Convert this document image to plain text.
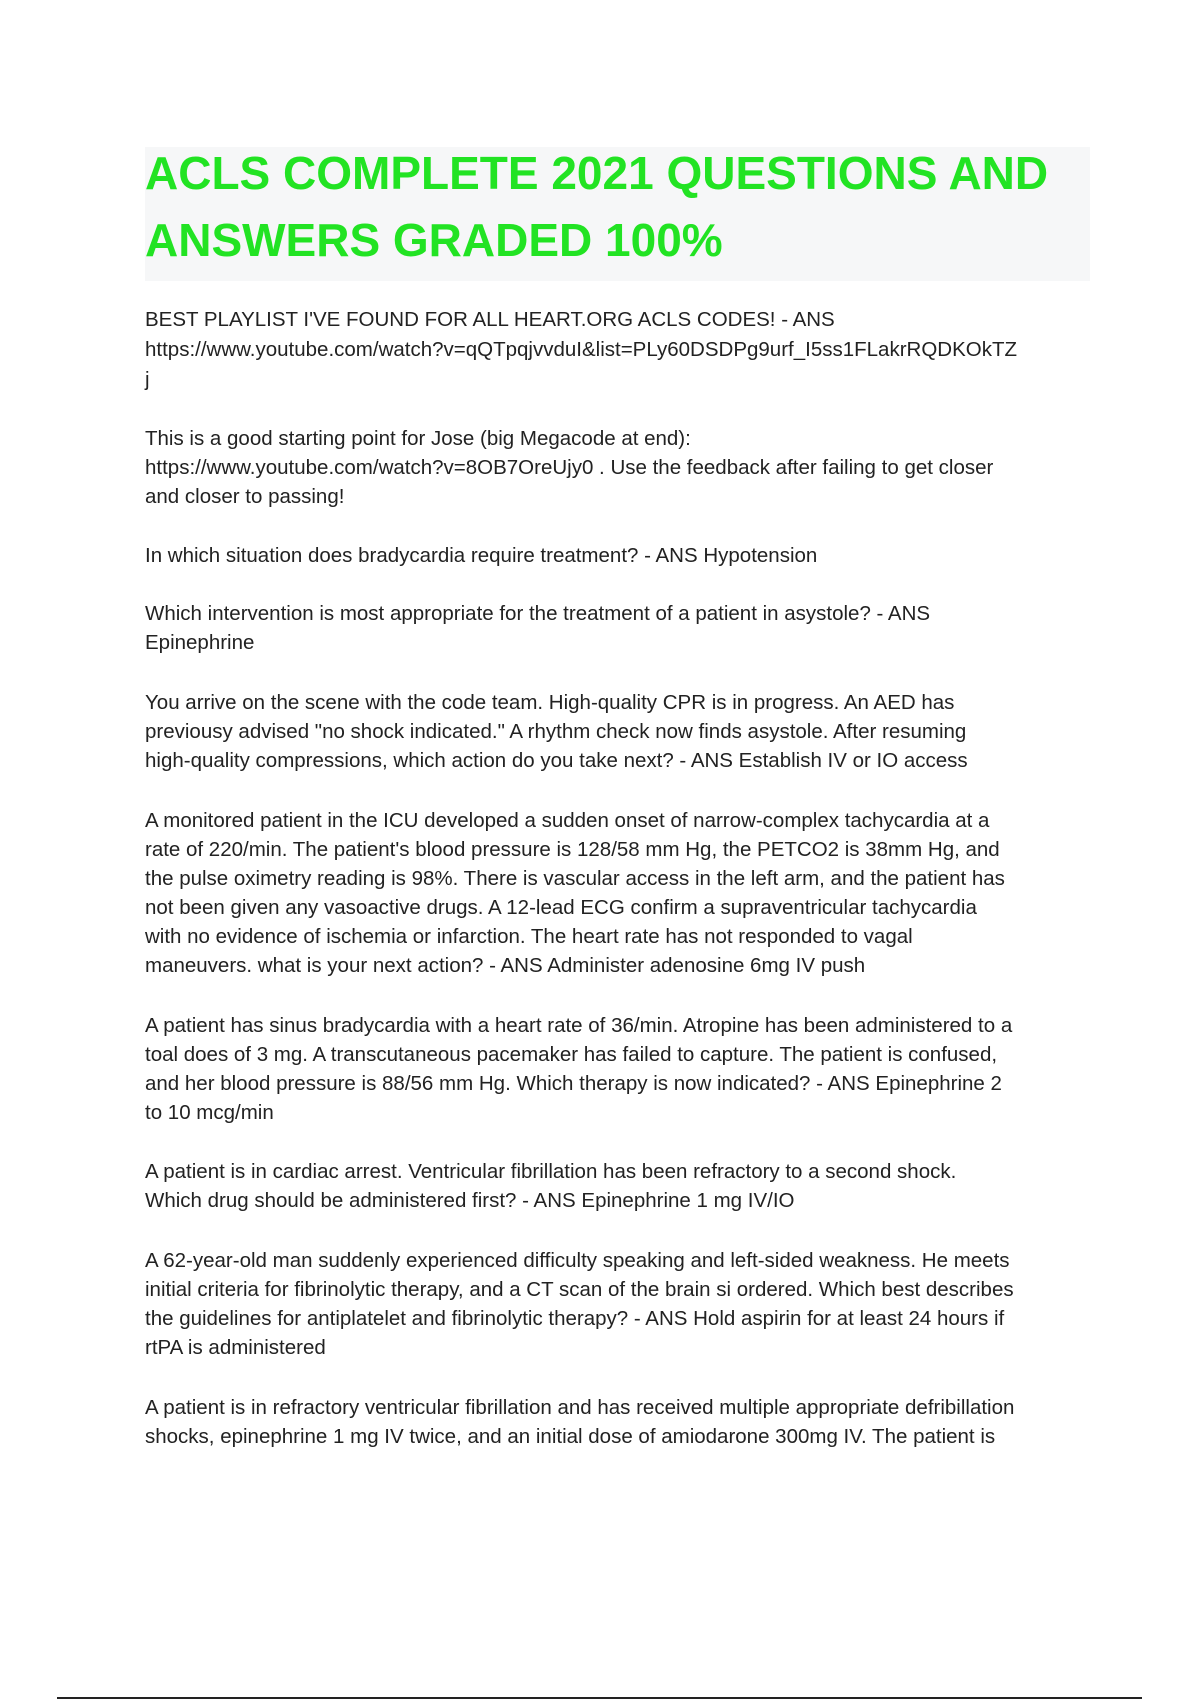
ACLS COMPLETE 2021 QUESTIONS AND
ANSWERS GRADED 100%
BEST PLAYLIST I'VE FOUND FOR ALL HEART.ORG ACLS CODES! - ANS
https://www.youtube.com/watch?v=qQTpqjvvduI&list=PLy60DSDPg9urf_I5ss1FLakrRQDKOkTZ
j
This is a good starting point for Jose (big Megacode at end):
https://www.youtube.com/watch?v=8OB7OreUjy0 . Use the feedback after failing to get closer
and closer to passing!
In which situation does bradycardia require treatment? - ANS Hypotension
Which intervention is most appropriate for the treatment of a patient in asystole? - ANS
Epinephrine
You arrive on the scene with the code team. High-quality CPR is in progress. An AED has
previousy advised "no shock indicated." A rhythm check now finds asystole. After resuming
high-quality compressions, which action do you take next? - ANS Establish IV or IO access
A monitored patient in the ICU developed a sudden onset of narrow-complex tachycardia at a
rate of 220/min. The patient's blood pressure is 128/58 mm Hg, the PETCO2 is 38mm Hg, and
the pulse oximetry reading is 98%. There is vascular access in the left arm, and the patient has
not been given any vasoactive drugs. A 12-lead ECG confirm a supraventricular tachycardia
with no evidence of ischemia or infarction. The heart rate has not responded to vagal
maneuvers. what is your next action? - ANS Administer adenosine 6mg IV push
A patient has sinus bradycardia with a heart rate of 36/min. Atropine has been administered to a
toal does of 3 mg. A transcutaneous pacemaker has failed to capture. The patient is confused,
and her blood pressure is 88/56 mm Hg. Which therapy is now indicated? - ANS Epinephrine 2
to 10 mcg/min
A patient is in cardiac arrest. Ventricular fibrillation has been refractory to a second shock.
Which drug should be administered first? - ANS Epinephrine 1 mg IV/IO
A 62-year-old man suddenly experienced difficulty speaking and left-sided weakness. He meets
initial criteria for fibrinolytic therapy, and a CT scan of the brain si ordered. Which best describes
the guidelines for antiplatelet and fibrinolytic therapy? - ANS Hold aspirin for at least 24 hours if
rtPA is administered
A patient is in refractory ventricular fibrillation and has received multiple appropriate defribillation
shocks, epinephrine 1 mg IV twice, and an initial dose of amiodarone 300mg IV. The patient is
